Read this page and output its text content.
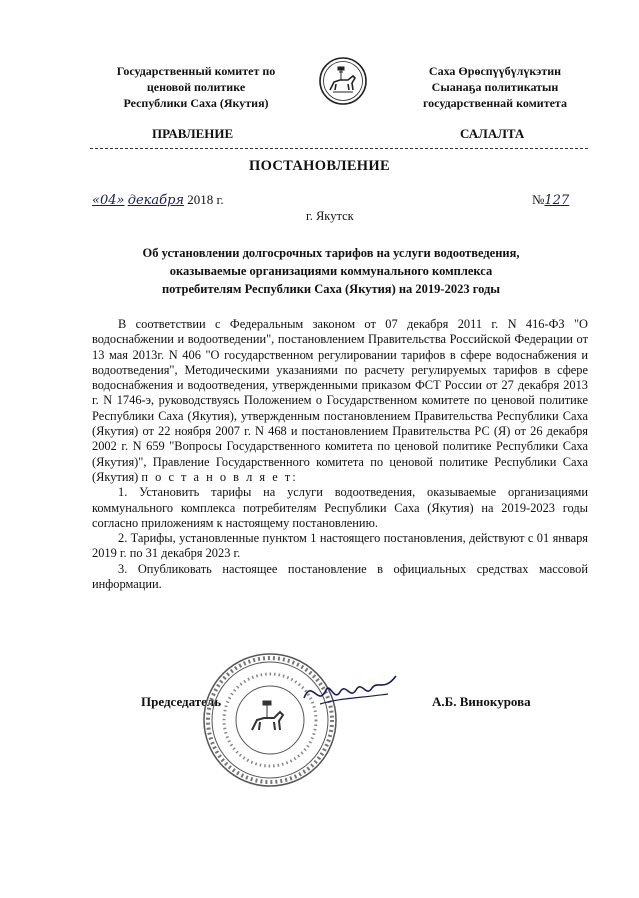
Государственный комитет по
ценовой политике
Республики Саха (Якутия)
Саха Өрөспүүбүлүкэтин
Сыанаҕа политикатын
государственнай комитета
ПРАВЛЕНИЕ	САЛАЛТА
ПОСТАНОВЛЕНИЕ
«04» декабря 2018 г.	№127
г. Якутск
Об установлении долгосрочных тарифов на услуги водоотведения,
оказываемые организациями коммунального комплекса
потребителям Республики Саха (Якутия) на 2019-2023 годы

В соответствии с Федеральным законом от 07 декабря 2011 г. N 416-ФЗ "О водоснабжении и водоотведении", постановлением Правительства Российской Федерации от 13 мая 2013г. N 406 "О государственном регулировании тарифов в сфере водоснабжения и водоотведения", Методическими указаниями по расчету регулируемых тарифов в сфере водоснабжения и водоотведения, утвержденными приказом ФСТ России от 27 декабря 2013 г. N 1746-э, руководствуясь Положением о Государственном комитете по ценовой политике Республики Саха (Якутия), утвержденным постановлением Правительства Республики Саха (Якутия) от 22 ноября 2007 г. N 468 и постановлением Правительства РС (Я) от 26 декабря 2002 г. N 659 "Вопросы Государственного комитета по ценовой политике Республики Саха (Якутия)", Правление Государственного комитета по ценовой политике Республики Саха (Якутия) п о с т а н о в л я е т:

1. Установить тарифы на услуги водоотведения, оказываемые организациями коммунального комплекса потребителям Республики Саха (Якутия) на 2019-2023 годы согласно приложениям к настоящему постановлению.

2. Тарифы, установленные пунктом 1 настоящего постановления, действуют с 01 января 2019 г. по 31 декабря 2023 г.

3. Опубликовать настоящее постановление в официальных средствах массовой информации.

Председатель	А.Б. Винокурова
